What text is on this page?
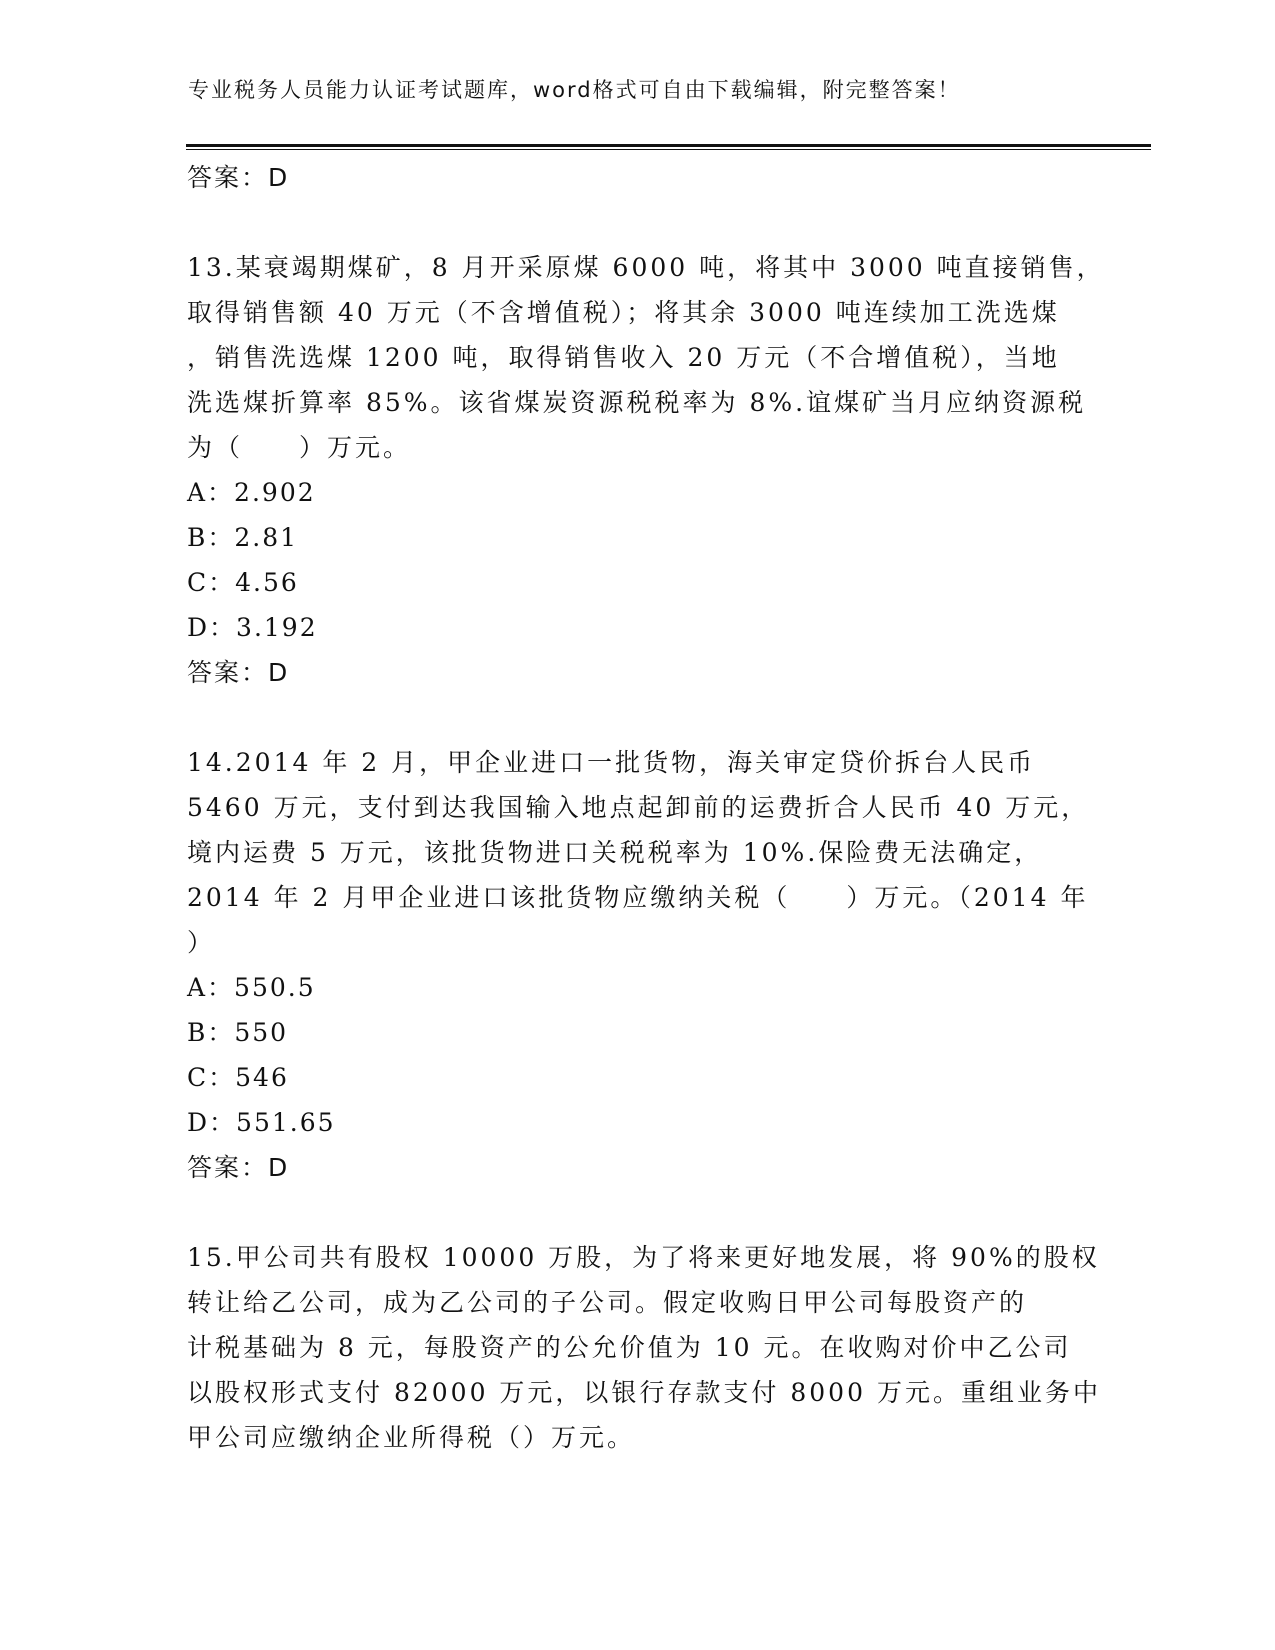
专业税务人员能力认证考试题库，word格式可自由下载编辑，附完整答案！
答案：D
13.某衰竭期煤矿，8 月开采原煤 6000 吨，将其中 3000 吨直接销售，
取得销售额 40 万元（不含增值税）；将其余 3000 吨连续加工洗选煤
，销售洗选煤 1200 吨，取得销售收入 20 万元（不合增值税），当地
洗选煤折算率 85%。该省煤炭资源税税率为 8%.谊煤矿当月应纳资源税
为（　　）万元。
A：2.902
B：2.81
C：4.56
D：3.192
答案：D
14.2014 年 2 月，甲企业进口一批货物，海关审定贷价拆台人民币
5460 万元，支付到达我国输入地点起卸前的运费折合人民币 40 万元，
境内运费 5 万元，该批货物进口关税税率为 10%.保险费无法确定，
2014 年 2 月甲企业进口该批货物应缴纳关税（　　）万元。（2014 年
）
A：550.5
B：550
C：546
D：551.65
答案：D
15.甲公司共有股权 10000 万股，为了将来更好地发展，将 90%的股权
转让给乙公司，成为乙公司的子公司。假定收购日甲公司每股资产的
计税基础为 8 元，每股资产的公允价值为 10 元。在收购对价中乙公司
以股权形式支付 82000 万元，以银行存款支付 8000 万元。重组业务中
甲公司应缴纳企业所得税（）万元。
